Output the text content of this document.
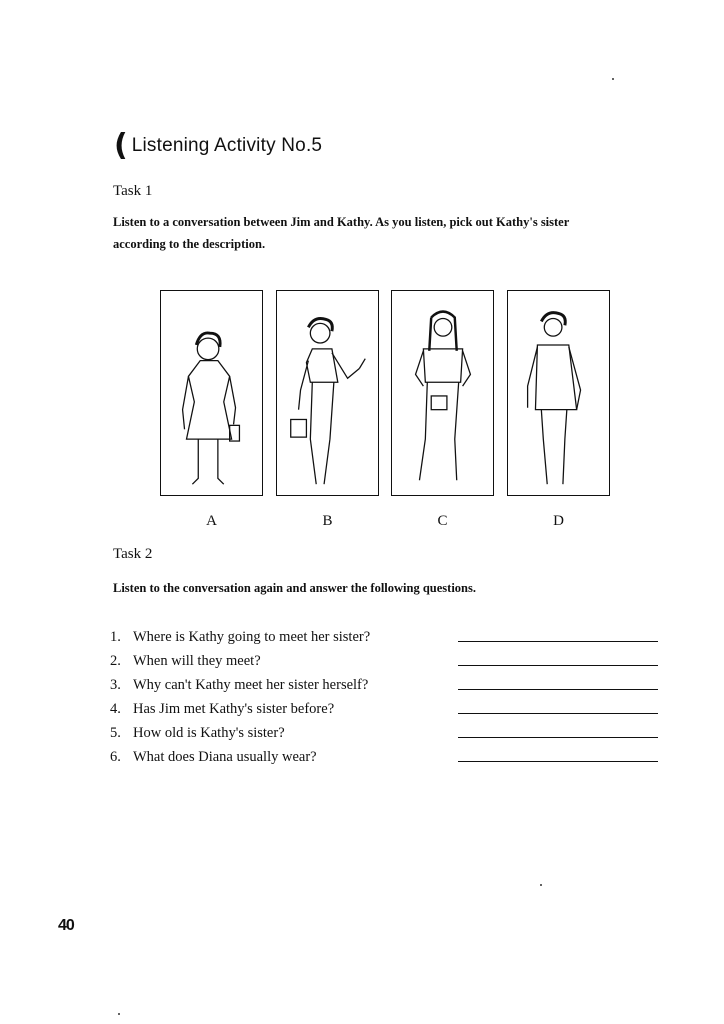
( Listening Activity No.5
Task 1
Listen to a conversation between Jim and Kathy. As you listen, pick out Kathy's sister
according to the description.
A	B	C	D
Task 2
Listen to the conversation again and answer the following questions.
1. Where is Kathy going to meet her sister?
2. When will they meet?
3. Why can't Kathy meet her sister herself?
4. Has Jim met Kathy's sister before?
5. How old is Kathy's sister?
6. What does Diana usually wear?
40
